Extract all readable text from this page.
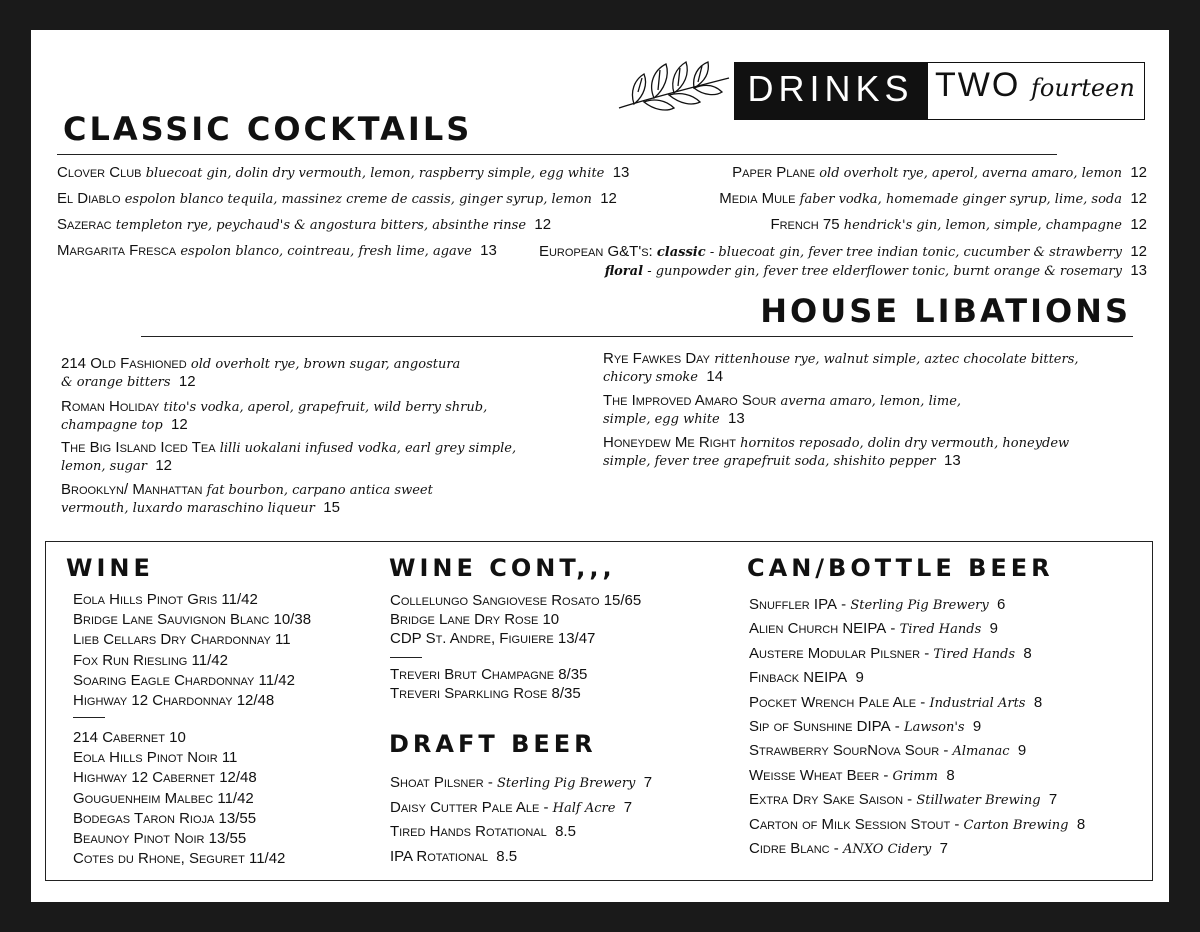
DRINKS TWO fourteen
CLASSIC COCKTAILS
Clover Club bluecoat gin, dolin dry vermouth, lemon, raspberry simple, egg white 13
El Diablo espolon blanco tequila, massinez creme de cassis, ginger syrup, lemon 12
Sazerac templeton rye, peychaud's & angostura bitters, absinthe rinse 12
Margarita Fresca espolon blanco, cointreau, fresh lime, agave 13
Paper Plane old overholt rye, aperol, averna amaro, lemon 12
Media Mule faber vodka, homemade ginger syrup, lime, soda 12
French 75 hendrick's gin, lemon, simple, champagne 12
European G&T's: classic - bluecoat gin, fever tree indian tonic, cucumber & strawberry 12
floral - gunpowder gin, fever tree elderflower tonic, burnt orange & rosemary 13
HOUSE LIBATIONS
214 Old Fashioned old overholt rye, brown sugar, angostura
& orange bitters 12
Roman Holiday tito's vodka, aperol, grapefruit, wild berry shrub,
champagne top 12
The Big Island Iced Tea lilli uokalani infused vodka, earl grey simple,
lemon, sugar 12
Brooklyn/ Manhattan fat bourbon, carpano antica sweet
vermouth, luxardo maraschino liqueur 15
Rye Fawkes Day rittenhouse rye, walnut simple, aztec chocolate bitters,
chicory smoke 14
The Improved Amaro Sour averna amaro, lemon, lime,
simple, egg white 13
Honeydew Me Right hornitos reposado, dolin dry vermouth, honeydew
simple, fever tree grapefruit soda, shishito pepper 13
WINE
Eola Hills Pinot Gris 11/42
Bridge Lane Sauvignon Blanc 10/38
Lieb Cellars Dry Chardonnay 11
Fox Run Riesling 11/42
Soaring Eagle Chardonnay 11/42
Highway 12 Chardonnay 12/48
214 Cabernet 10
Eola Hills Pinot Noir 11
Highway 12 Cabernet 12/48
Gouguenheim Malbec 11/42
Bodegas Taron Rioja 13/55
Beaunoy Pinot Noir 13/55
Cotes du Rhone, Seguret 11/42
WINE CONT,,,
Collelungo Sangiovese Rosato 15/65
Bridge Lane Dry Rose 10
CDP St. Andre, Figuiere 13/47
Treveri Brut Champagne 8/35
Treveri Sparkling Rose 8/35
DRAFT BEER
Shoat Pilsner - Sterling Pig Brewery 7
Daisy Cutter Pale Ale - Half Acre 7
Tired Hands Rotational 8.5
IPA Rotational 8.5
CAN/BOTTLE BEER
Snuffler IPA - Sterling Pig Brewery 6
Alien Church NEIPA - Tired Hands 9
Austere Modular Pilsner - Tired Hands 8
Finback NEIPA 9
Pocket Wrench Pale Ale - Industrial Arts 8
Sip of Sunshine DIPA - Lawson's 9
Strawberry SourNova Sour - Almanac 9
Weisse Wheat Beer - Grimm 8
Extra Dry Sake Saison - Stillwater Brewing 7
Carton of Milk Session Stout - Carton Brewing 8
Cidre Blanc - ANXO Cidery 7
